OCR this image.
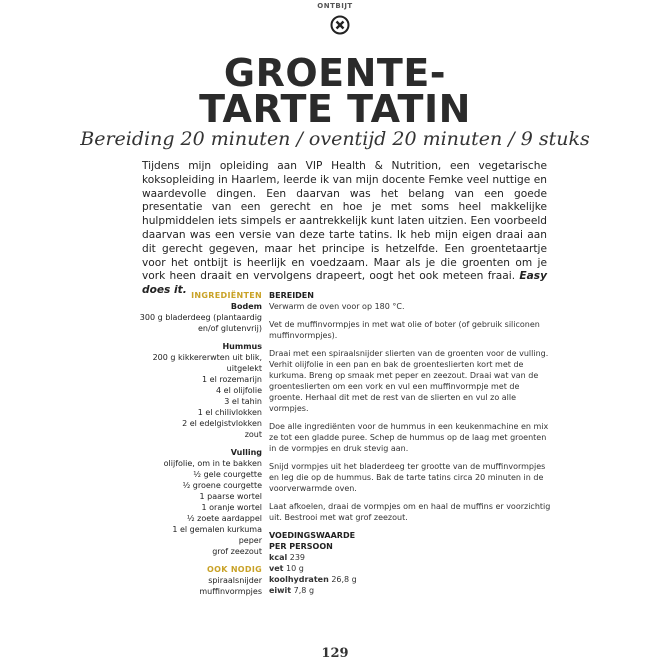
ONTBIJT
GROENTE-
TARTE TATIN
Bereiding 20 minuten / oventijd 20 minuten / 9 stuks
Tijdens mijn opleiding aan VIP Health & Nutrition, een vegetarische koksopleiding in Haarlem, leerde ik van mijn docente Femke veel nuttige en waardevolle dingen. Een daarvan was het belang van een goede presentatie van een gerecht en hoe je met soms heel makkelijke hulpmiddelen iets simpels er aantrekkelijk kunt laten uitzien. Een voorbeeld daarvan was een versie van deze tarte tatins. Ik heb mijn eigen draai aan dit gerecht gegeven, maar het principe is hetzelfde. Een groentetaartje voor het ontbijt is heerlijk en voedzaam. Maar als je die groenten om je vork heen draait en vervolgens drapeert, oogt het ook meteen fraai. Easy does it. INGREDIËNTEN
Bodem
300 g bladerdeeg (plantaardig
en/of glutenvrij)
Hummus
200 g kikkererwten uit blik,
uitgelekt
1 el rozemarijn
4 el olijfolie
3 el tahin
1 el chilivlokken
2 el edelgistvlokken
zout
Vulling
olijfolie, om in te bakken
½ gele courgette
½ groene courgette
1 paarse wortel
1 oranje wortel
½ zoete aardappel
1 el gemalen kurkuma
peper
grof zeezout
OOK NODIG
spiraalsnijder
muffinvormpjes
BEREIDEN

Verwarm de oven voor op 180 °C.

Vet de muffinvormpjes in met wat olie of boter (of gebruik siliconen muffinvormpjes).

Draai met een spiraalsnijder slierten van de groenten voor de vulling. Verhit olijfolie in een pan en bak de groenteslierten kort met de kurkuma. Breng op smaak met peper en zeezout. Draai wat van de groenteslierten om een vork en vul een muffinvormpje met de groente. Herhaal dit met de rest van de slierten en vul zo alle vormpjes.

Doe alle ingrediënten voor de hummus in een keukenmachine en mix ze tot een gladde puree. Schep de hummus op de laag met groenten in de vormpjes en druk stevig aan.

Snijd vormpjes uit het bladerdeeg ter grootte van de muffinvormpjes en leg die op de hummus. Bak de tarte tatins circa 20 minuten in de voorverwarmde oven.

Laat afkoelen, draai de vormpjes om en haal de muffins er voorzichtig uit. Bestrooi met wat grof zeezout.

VOEDINGSWAARDE
PER PERSOON
kcal 239
vet 10 g
koolhydraten 26,8 g
eiwit 7,8 g
129
